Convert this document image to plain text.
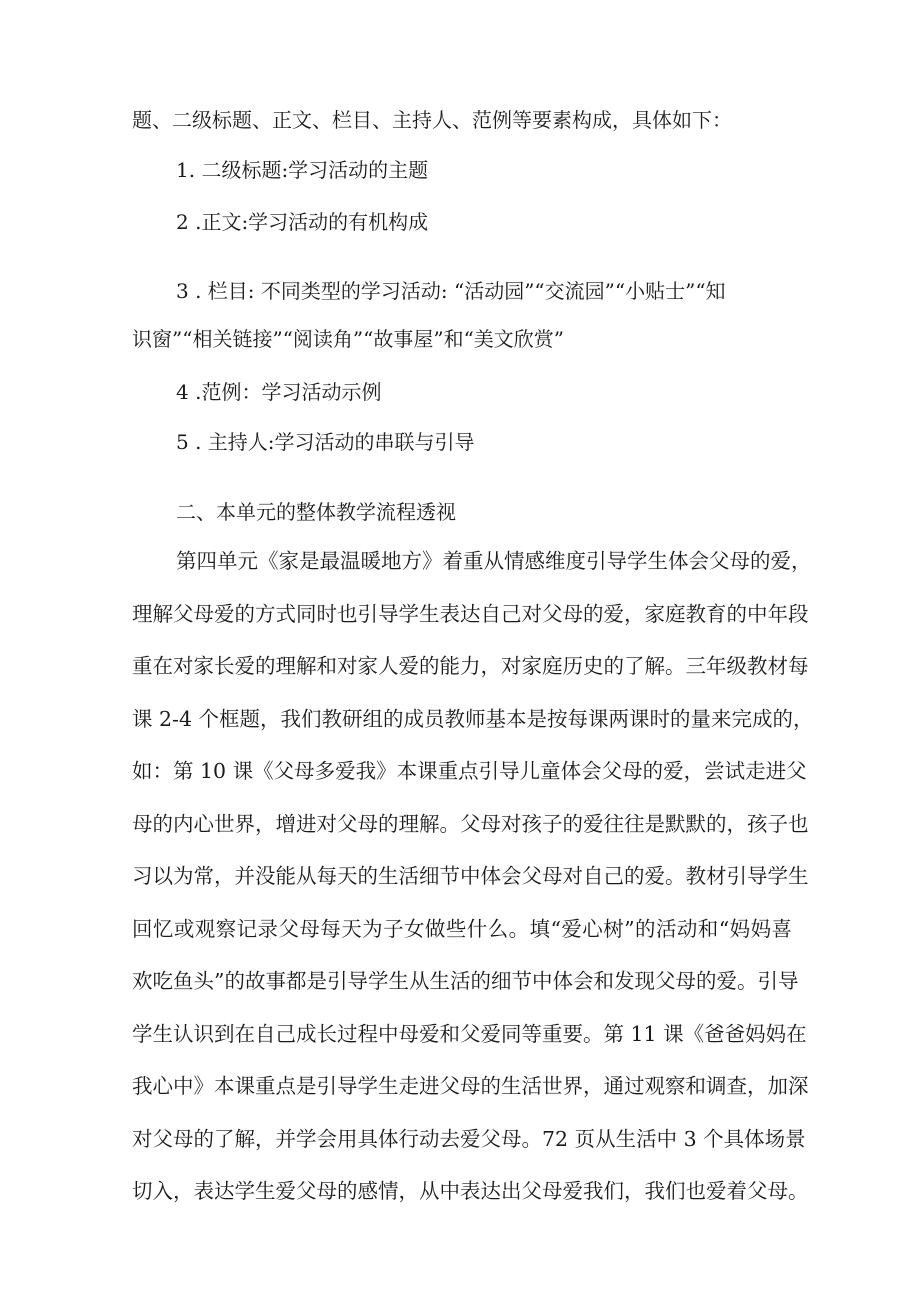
题、二级标题、正文、栏目、主持人、范例等要素构成，具体如下：
1. 二级标题:学习活动的主题
2 .正文:学习活动的有机构成
3 . 栏目: 不同类型的学习活动: “活动园”“交流园”“小贴士”“知
识窗”“相关链接”“阅读角”“故事屋”和“美文欣赏”
4 .范例：学习活动示例
5 . 主持人:学习活动的串联与引导
二、本单元的整体教学流程透视
第四单元《家是最温暖地方》着重从情感维度引导学生体会父母的爱，
理解父母爱的方式同时也引导学生表达自己对父母的爱，家庭教育的中年段
重在对家长爱的理解和对家人爱的能力，对家庭历史的了解。三年级教材每
课 2-4 个框题，我们教研组的成员教师基本是按每课两课时的量来完成的，
如：第 10 课《父母多爱我》本课重点引导儿童体会父母的爱，尝试走进父
母的内心世界，增进对父母的理解。父母对孩子的爱往往是默默的，孩子也
习以为常，并没能从每天的生活细节中体会父母对自己的爱。教材引导学生
回忆或观察记录父母每天为子女做些什么。填“爱心树”的活动和“妈妈喜
欢吃鱼头”的故事都是引导学生从生活的细节中体会和发现父母的爱。引导
学生认识到在自己成长过程中母爱和父爱同等重要。第 11 课《爸爸妈妈在
我心中》本课重点是引导学生走进父母的生活世界，通过观察和调查，加深
对父母的了解，并学会用具体行动去爱父母。72 页从生活中 3 个具体场景
切入，表达学生爱父母的感情，从中表达出父母爱我们，我们也爱着父母。
